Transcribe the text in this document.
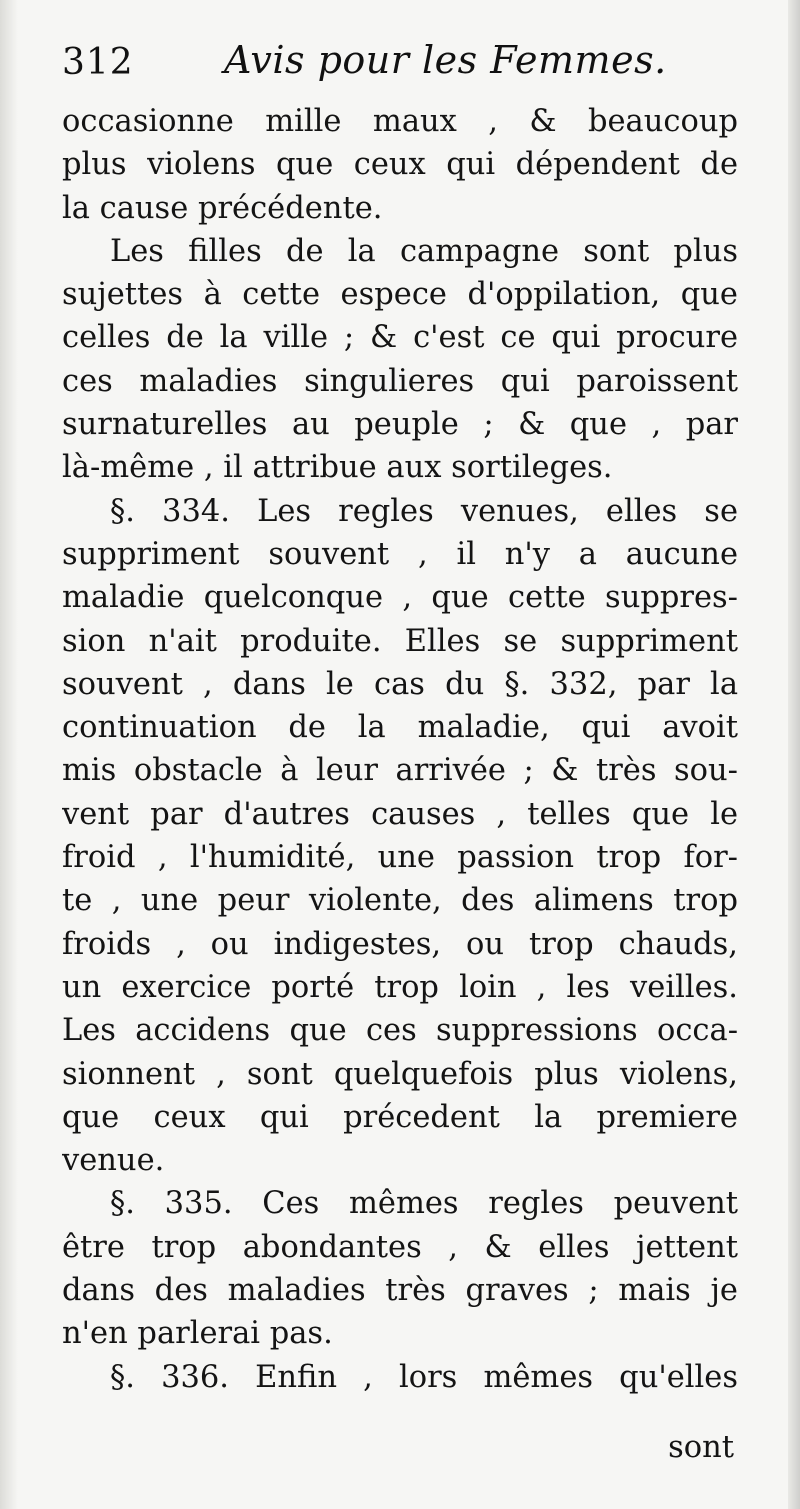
312 Avis pour les Femmes.
occasionne mille maux , & beaucoup
plus violens que ceux qui dépendent de
la cause précédente.
Les filles de la campagne sont plus
sujettes à cette espece d'oppilation, que
celles de la ville ; & c'est ce qui procure
ces maladies singulieres qui paroissent
surnaturelles au peuple ; & que , par
là-même , il attribue aux sortileges.
§. 334. Les regles venues, elles se
suppriment souvent , il n'y a aucune
maladie quelconque , que cette suppres-
sion n'ait produite. Elles se suppriment
souvent , dans le cas du §. 332, par la
continuation de la maladie, qui avoit
mis obstacle à leur arrivée ; & très sou-
vent par d'autres causes , telles que le
froid , l'humidité, une passion trop for-
te , une peur violente, des alimens trop
froids , ou indigestes, ou trop chauds,
un exercice porté trop loin , les veilles.
Les accidens que ces suppressions occa-
sionnent , sont quelquefois plus violens,
que ceux qui précedent la premiere
venue.
§. 335. Ces mêmes regles peuvent
être trop abondantes , & elles jettent
dans des maladies très graves ; mais je
n'en parlerai pas.
§. 336. Enfin , lors mêmes qu'elles
sont
